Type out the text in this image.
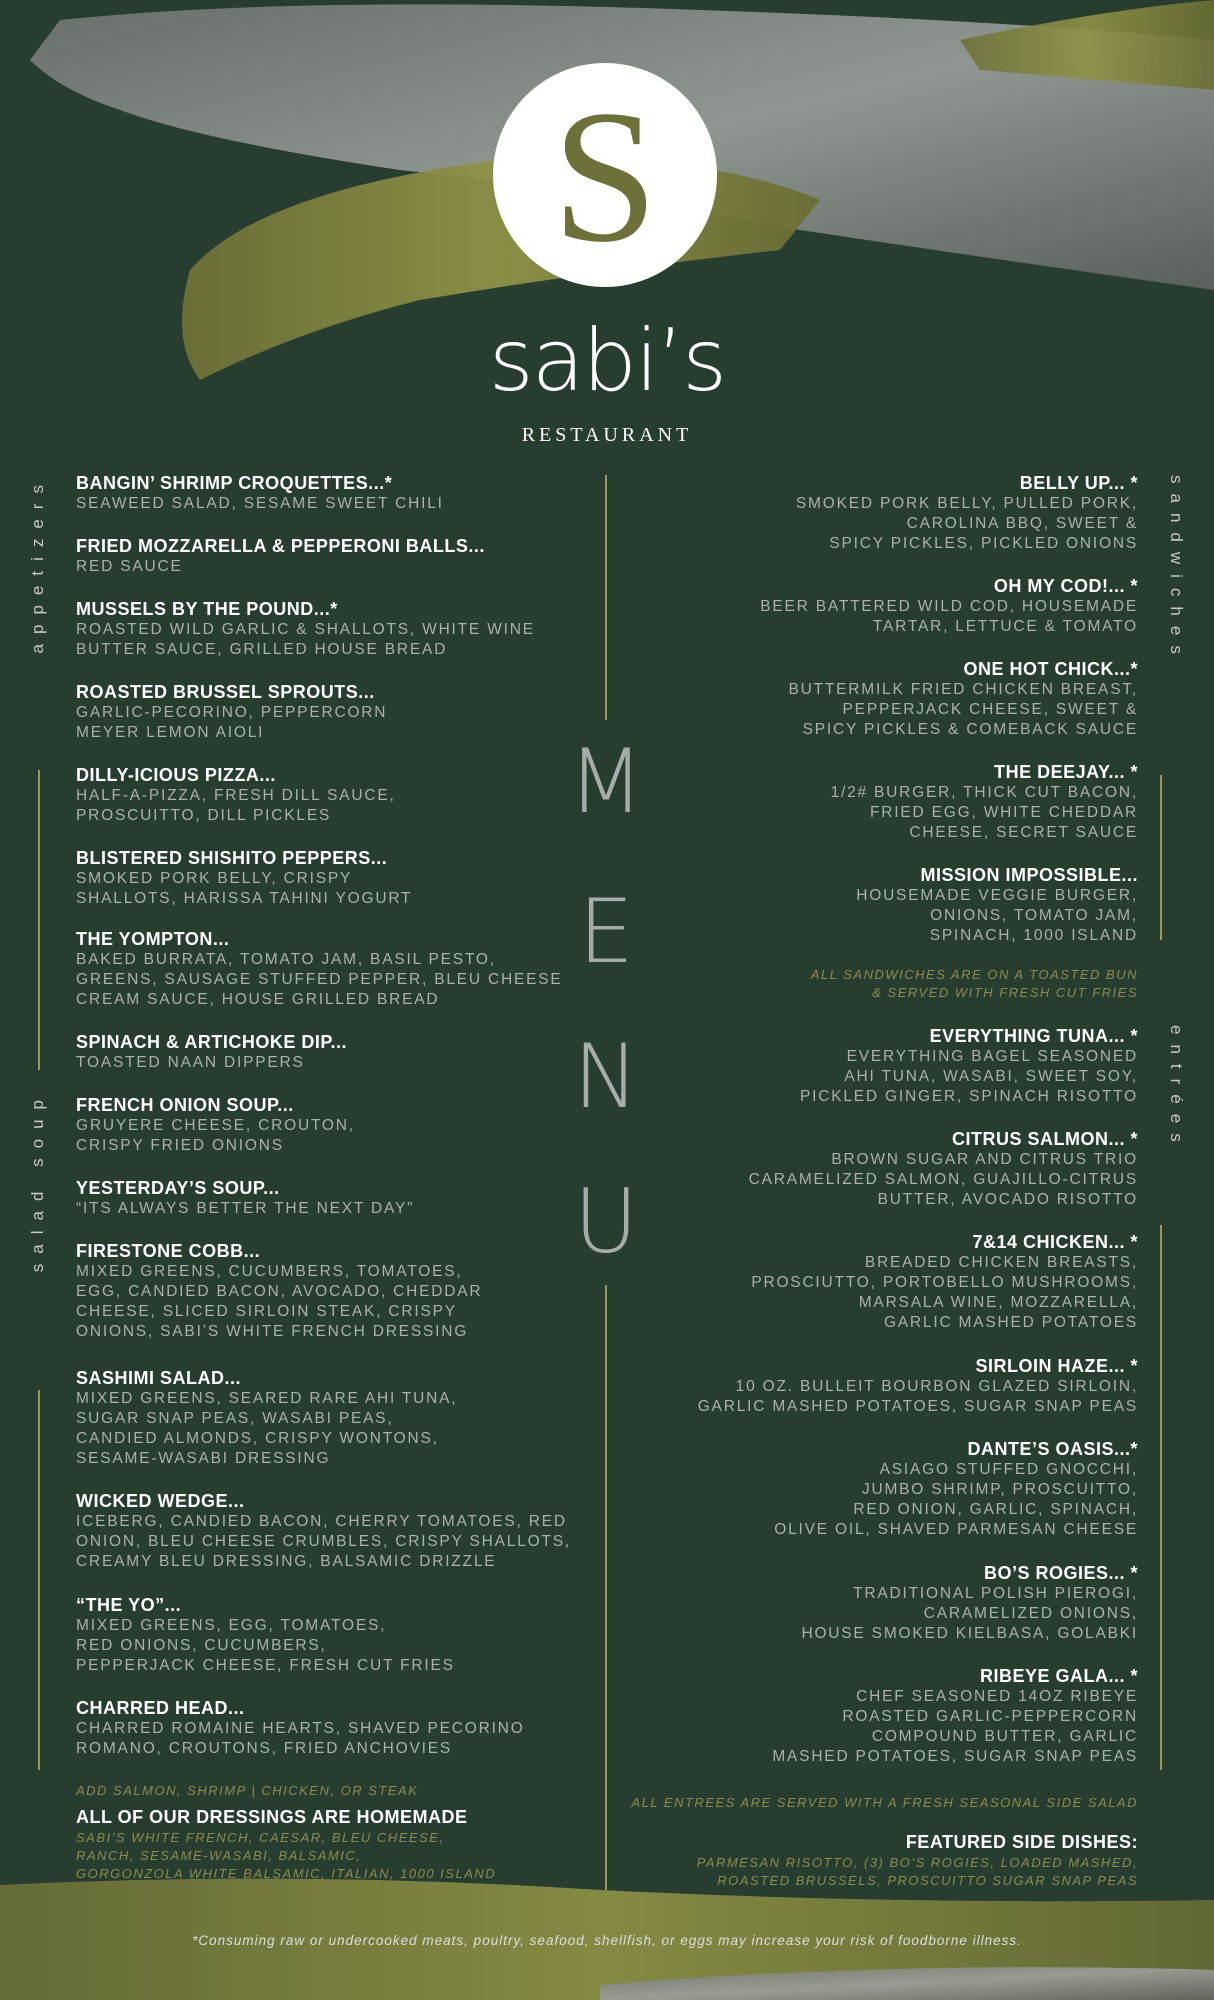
S
sabi’s
RESTAURANT
appetizers
salad soup
sandwiches
entrées
M
E
N
U
BANGIN’ SHRIMP CROQUETTES...*
SEAWEED SALAD, SESAME SWEET CHILI
FRIED MOZZARELLA & PEPPERONI BALLS...
RED SAUCE
MUSSELS BY THE POUND...*
ROASTED WILD GARLIC & SHALLOTS, WHITE WINE
BUTTER SAUCE, GRILLED HOUSE BREAD
ROASTED BRUSSEL SPROUTS...
GARLIC-PECORINO, PEPPERCORN
MEYER LEMON AIOLI
DILLY-ICIOUS PIZZA...
HALF-A-PIZZA, FRESH DILL SAUCE,
PROSCUITTO, DILL PICKLES
BLISTERED SHISHITO PEPPERS...
SMOKED PORK BELLY, CRISPY
SHALLOTS, HARISSA TAHINI YOGURT
THE YOMPTON...
BAKED BURRATA, TOMATO JAM, BASIL PESTO,
GREENS, SAUSAGE STUFFED PEPPER, BLEU CHEESE
CREAM SAUCE, HOUSE GRILLED BREAD
SPINACH & ARTICHOKE DIP...
TOASTED NAAN DIPPERS
FRENCH ONION SOUP...
GRUYERE CHEESE, CROUTON,
CRISPY FRIED ONIONS
YESTERDAY’S SOUP...
“ITS ALWAYS BETTER THE NEXT DAY”
FIRESTONE COBB...
MIXED GREENS, CUCUMBERS, TOMATOES,
EGG, CANDIED BACON, AVOCADO, CHEDDAR
CHEESE, SLICED SIRLOIN STEAK, CRISPY
ONIONS, SABI’S WHITE FRENCH DRESSING
SASHIMI SALAD...
MIXED GREENS, SEARED RARE AHI TUNA,
SUGAR SNAP PEAS, WASABI PEAS,
CANDIED ALMONDS, CRISPY WONTONS,
SESAME-WASABI DRESSING
WICKED WEDGE...
ICEBERG, CANDIED BACON, CHERRY TOMATOES, RED
ONION, BLEU CHEESE CRUMBLES, CRISPY SHALLOTS,
CREAMY BLEU DRESSING, BALSAMIC DRIZZLE
“THE YO”...
MIXED GREENS, EGG, TOMATOES,
RED ONIONS, CUCUMBERS,
PEPPERJACK CHEESE, FRESH CUT FRIES
CHARRED HEAD...
CHARRED ROMAINE HEARTS, SHAVED PECORINO
ROMANO, CROUTONS, FRIED ANCHOVIES
ADD SALMON, SHRIMP | CHICKEN, OR STEAK
ALL OF OUR DRESSINGS ARE HOMEMADE
SABI’S WHITE FRENCH, CAESAR, BLEU CHEESE,
RANCH, SESAME-WASABI, BALSAMIC,
GORGONZOLA WHITE BALSAMIC, ITALIAN, 1000 ISLAND
BELLY UP... *
SMOKED PORK BELLY, PULLED PORK,
CAROLINA BBQ, SWEET &
SPICY PICKLES, PICKLED ONIONS
OH MY COD!... *
BEER BATTERED WILD COD, HOUSEMADE
TARTAR, LETTUCE & TOMATO
ONE HOT CHICK...*
BUTTERMILK FRIED CHICKEN BREAST,
PEPPERJACK CHEESE, SWEET &
SPICY PICKLES & COMEBACK SAUCE
THE DEEJAY... *
1/2# BURGER, THICK CUT BACON,
FRIED EGG, WHITE CHEDDAR
CHEESE, SECRET SAUCE
MISSION IMPOSSIBLE...
HOUSEMADE VEGGIE BURGER,
ONIONS, TOMATO JAM,
SPINACH, 1000 ISLAND
ALL SANDWICHES ARE ON A TOASTED BUN
& SERVED WITH FRESH CUT FRIES
EVERYTHING TUNA... *
EVERYTHING BAGEL SEASONED
AHI TUNA, WASABI, SWEET SOY,
PICKLED GINGER, SPINACH RISOTTO
CITRUS SALMON... *
BROWN SUGAR AND CITRUS TRIO
CARAMELIZED SALMON, GUAJILLO-CITRUS
BUTTER, AVOCADO RISOTTO
7&14 CHICKEN... *
BREADED CHICKEN BREASTS,
PROSCIUTTO, PORTOBELLO MUSHROOMS,
MARSALA WINE, MOZZARELLA,
GARLIC MASHED POTATOES
SIRLOIN HAZE... *
10 OZ. BULLEIT BOURBON GLAZED SIRLOIN,
GARLIC MASHED POTATOES, SUGAR SNAP PEAS
DANTE’S OASIS...*
ASIAGO STUFFED GNOCCHI,
JUMBO SHRIMP, PROSCUITTO,
RED ONION, GARLIC, SPINACH,
OLIVE OIL, SHAVED PARMESAN CHEESE
BO’S ROGIES... *
TRADITIONAL POLISH PIEROGI,
CARAMELIZED ONIONS,
HOUSE SMOKED KIELBASA, GOLABKI
RIBEYE GALA... *
CHEF SEASONED 14OZ RIBEYE
ROASTED GARLIC-PEPPERCORN
COMPOUND BUTTER, GARLIC
MASHED POTATOES, SUGAR SNAP PEAS
ALL ENTREES ARE SERVED WITH A FRESH SEASONAL SIDE SALAD
FEATURED SIDE DISHES:
PARMESAN RISOTTO, (3) BO’S ROGIES, LOADED MASHED,
ROASTED BRUSSELS, PROSCUITTO SUGAR SNAP PEAS
*Consuming raw or undercooked meats, poultry, seafood, shellfish, or eggs may increase your risk of foodborne illness.
